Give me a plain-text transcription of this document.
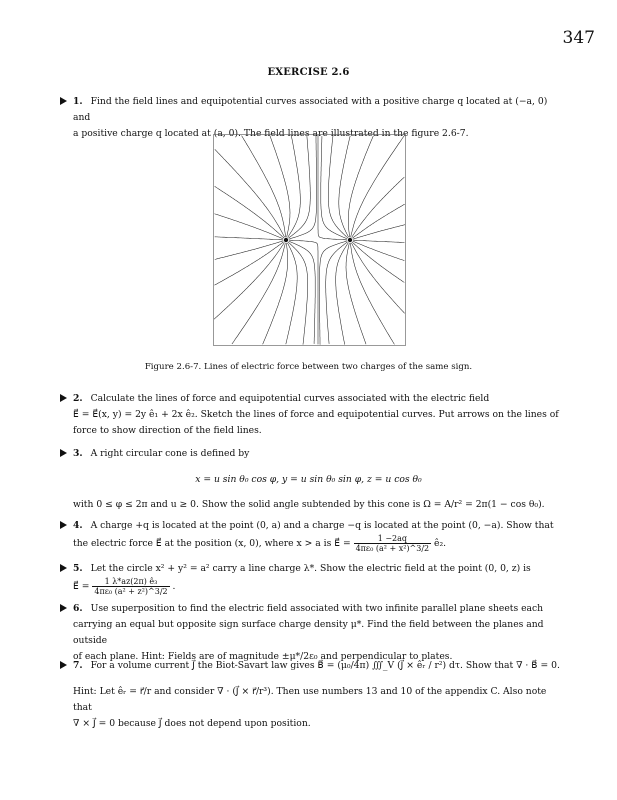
347
EXERCISE 2.6
1. Find the field lines and equipotential curves associated with a positive charge q located at (−a, 0) and
a positive charge q located at (a, 0). The field lines are illustrated in the figure 2.6-7.
Figure 2.6-7. Lines of electric force between two charges of the same sign.
2. Calculate the lines of force and equipotential curves associated with the electric field
E⃗ = E⃗(x, y) = 2y ê₁ + 2x ê₂. Sketch the lines of force and equipotential curves. Put arrows on the lines of
force to show direction of the field lines.
3. A right circular cone is defined by
x = u sin θ₀ cos φ, y = u sin θ₀ sin φ, z = u cos θ₀
with 0 ≤ φ ≤ 2π and u ≥ 0. Show the solid angle subtended by this cone is Ω = A/r² = 2π(1 − cos θ₀).
4. A charge +q is located at the point (0, a) and a charge −q is located at the point (0, −a). Show that
the electric force E⃗ at the position (x, 0), where x > a is E⃗ = $\frac{1 -2aq}{\text{4πε₀ (a² + x²)\textasciicircum{}3/2}}$ ê₂.
5. Let the circle x² + y² = a² carry a line charge λ*. Show the electric field at the point (0, 0, z) is
E⃗ = $\frac{\text{1 λ*az(2π) ê₃}}{\text{4πε₀ (a² + z²)\textasciicircum{}3/2}}$ .
6. Use superposition to find the electric field associated with two infinite parallel plane sheets each
carrying an equal but opposite sign surface charge density μ*. Find the field between the planes and outside
of each plane. Hint: Fields are of magnitude ±μ*/2ε₀ and perpendicular to plates.
7. For a volume current J⃗ the Biot-Savart law gives B⃗ = (μ₀/4π) ∭_V (J⃗ × êᵣ / r²) dτ. Show that ∇ · B⃗ = 0.
Hint: Let êᵣ = r⃗/r and consider ∇ · (J⃗ × r⃗/r³). Then use numbers 13 and 10 of the appendix C. Also note that
∇ × J⃗ = 0 because J⃗ does not depend upon position.
